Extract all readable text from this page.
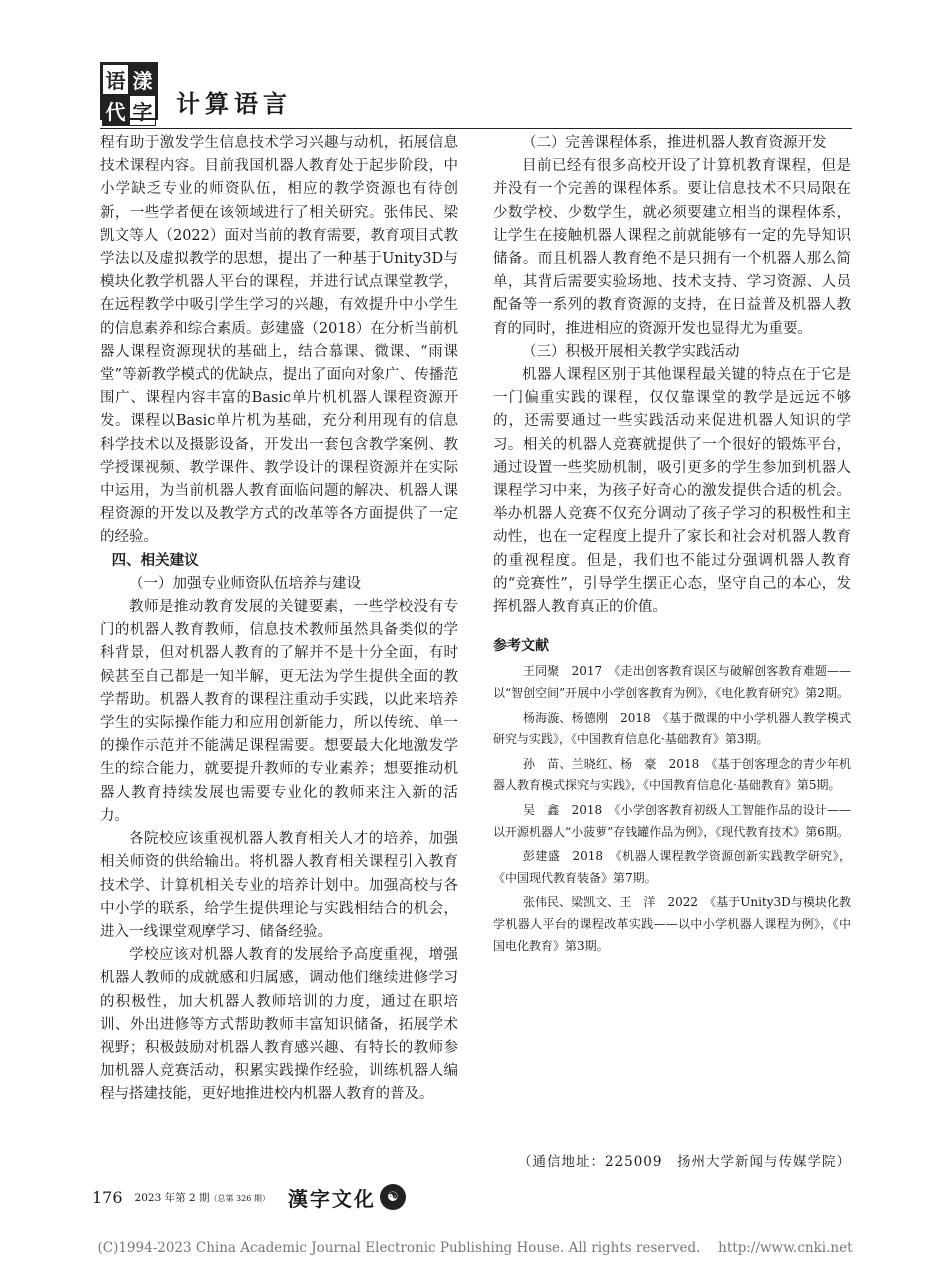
语 漾
代 字 计算语言

程有助于激发学生信息技术学习兴趣与动机，拓展信息技术课程内容。目前我国机器人教育处于起步阶段，中小学缺乏专业的师资队伍，相应的教学资源也有待创新，一些学者便在该领域进行了相关研究。张伟民、梁凯文等人（2022）面对当前的教育需要，教育项目式教学法以及虚拟教学的思想，提出了一种基于Unity3D与模块化教学机器人平台的课程，并进行试点课堂教学，在远程教学中吸引学生学习的兴趣，有效提升中小学生的信息素养和综合素质。彭建盛（2018）在分析当前机器人课程资源现状的基础上，结合慕课、微课、“雨课堂”等新教学模式的优缺点，提出了面向对象广、传播范围广、课程内容丰富的Basic单片机机器人课程资源开发。课程以Basic单片机为基础，充分利用现有的信息科学技术以及摄影设备，开发出一套包含教学案例、教学授课视频、教学课件、教学设计的课程资源并在实际中运用，为当前机器人教育面临问题的解决、机器人课程资源的开发以及教学方式的改革等各方面提供了一定的经验。

四、相关建议

（一）加强专业师资队伍培养与建设

教师是推动教育发展的关键要素，一些学校没有专门的机器人教育教师，信息技术教师虽然具备类似的学科背景，但对机器人教育的了解并不是十分全面，有时候甚至自己都是一知半解，更无法为学生提供全面的教学帮助。机器人教育的课程注重动手实践，以此来培养学生的实际操作能力和应用创新能力，所以传统、单一的操作示范并不能满足课程需要。想要最大化地激发学生的综合能力，就要提升教师的专业素养；想要推动机器人教育持续发展也需要专业化的教师来注入新的活力。

各院校应该重视机器人教育相关人才的培养，加强相关师资的供给输出。将机器人教育相关课程引入教育技术学、计算机相关专业的培养计划中。加强高校与各中小学的联系，给学生提供理论与实践相结合的机会，进入一线课堂观摩学习、储备经验。

学校应该对机器人教育的发展给予高度重视，增强机器人教师的成就感和归属感，调动他们继续进修学习的积极性，加大机器人教师培训的力度，通过在职培训、外出进修等方式帮助教师丰富知识储备，拓展学术视野；积极鼓励对机器人教育感兴趣、有特长的教师参加机器人竞赛活动，积累实践操作经验，训练机器人编程与搭建技能，更好地推进校内机器人教育的普及。

（二）完善课程体系，推进机器人教育资源开发

目前已经有很多高校开设了计算机教育课程，但是并没有一个完善的课程体系。要让信息技术不只局限在少数学校、少数学生，就必须要建立相当的课程体系，让学生在接触机器人课程之前就能够有一定的先导知识储备。而且机器人教育绝不是只拥有一个机器人那么简单，其背后需要实验场地、技术支持、学习资源、人员配备等一系列的教育资源的支持，在日益普及机器人教育的同时，推进相应的资源开发也显得尤为重要。

（三）积极开展相关教学实践活动

机器人课程区别于其他课程最关键的特点在于它是一门偏重实践的课程，仅仅靠课堂的教学是远远不够的，还需要通过一些实践活动来促进机器人知识的学习。相关的机器人竞赛就提供了一个很好的锻炼平台，通过设置一些奖励机制，吸引更多的学生参加到机器人课程学习中来，为孩子好奇心的激发提供合适的机会。举办机器人竞赛不仅充分调动了孩子学习的积极性和主动性，也在一定程度上提升了家长和社会对机器人教育的重视程度。但是，我们也不能过分强调机器人教育的“竞赛性”，引导学生摆正心态，坚守自己的本心，发挥机器人教育真正的价值。

参考文献

王同聚　2017　《走出创客教育误区与破解创客教育难题——以“智创空间”开展中小学创客教育为例》，《电化教育研究》第2期。

杨海漩、杨德刚　2018　《基于微课的中小学机器人教学模式研究与实践》，《中国教育信息化·基础教育》第3期。

孙　苗、兰晓红、杨　豪　2018　《基于创客理念的青少年机器人教育模式探究与实践》，《中国教育信息化·基础教育》第5期。

吴　鑫　2018　《小学创客教育初级人工智能作品的设计——以开源机器人“小菠萝”存钱罐作品为例》，《现代教育技术》第6期。

彭建盛　2018　《机器人课程教学资源创新实践教学研究》，《中国现代教育装备》第7期。

张伟民、梁凯文、王　洋　2022　《基于Unity3D与模块化教学机器人平台的课程改革实践——以中小学机器人课程为例》，《中国电化教育》第3期。

（通信地址：225009　扬州大学新闻与传媒学院）
176 2023 年第 2 期（总第 326 期） 漢字文化 ☯
(C)1994-2023 China Academic Journal Electronic Publishing House. All rights reserved.　 http://www.cnki.net
